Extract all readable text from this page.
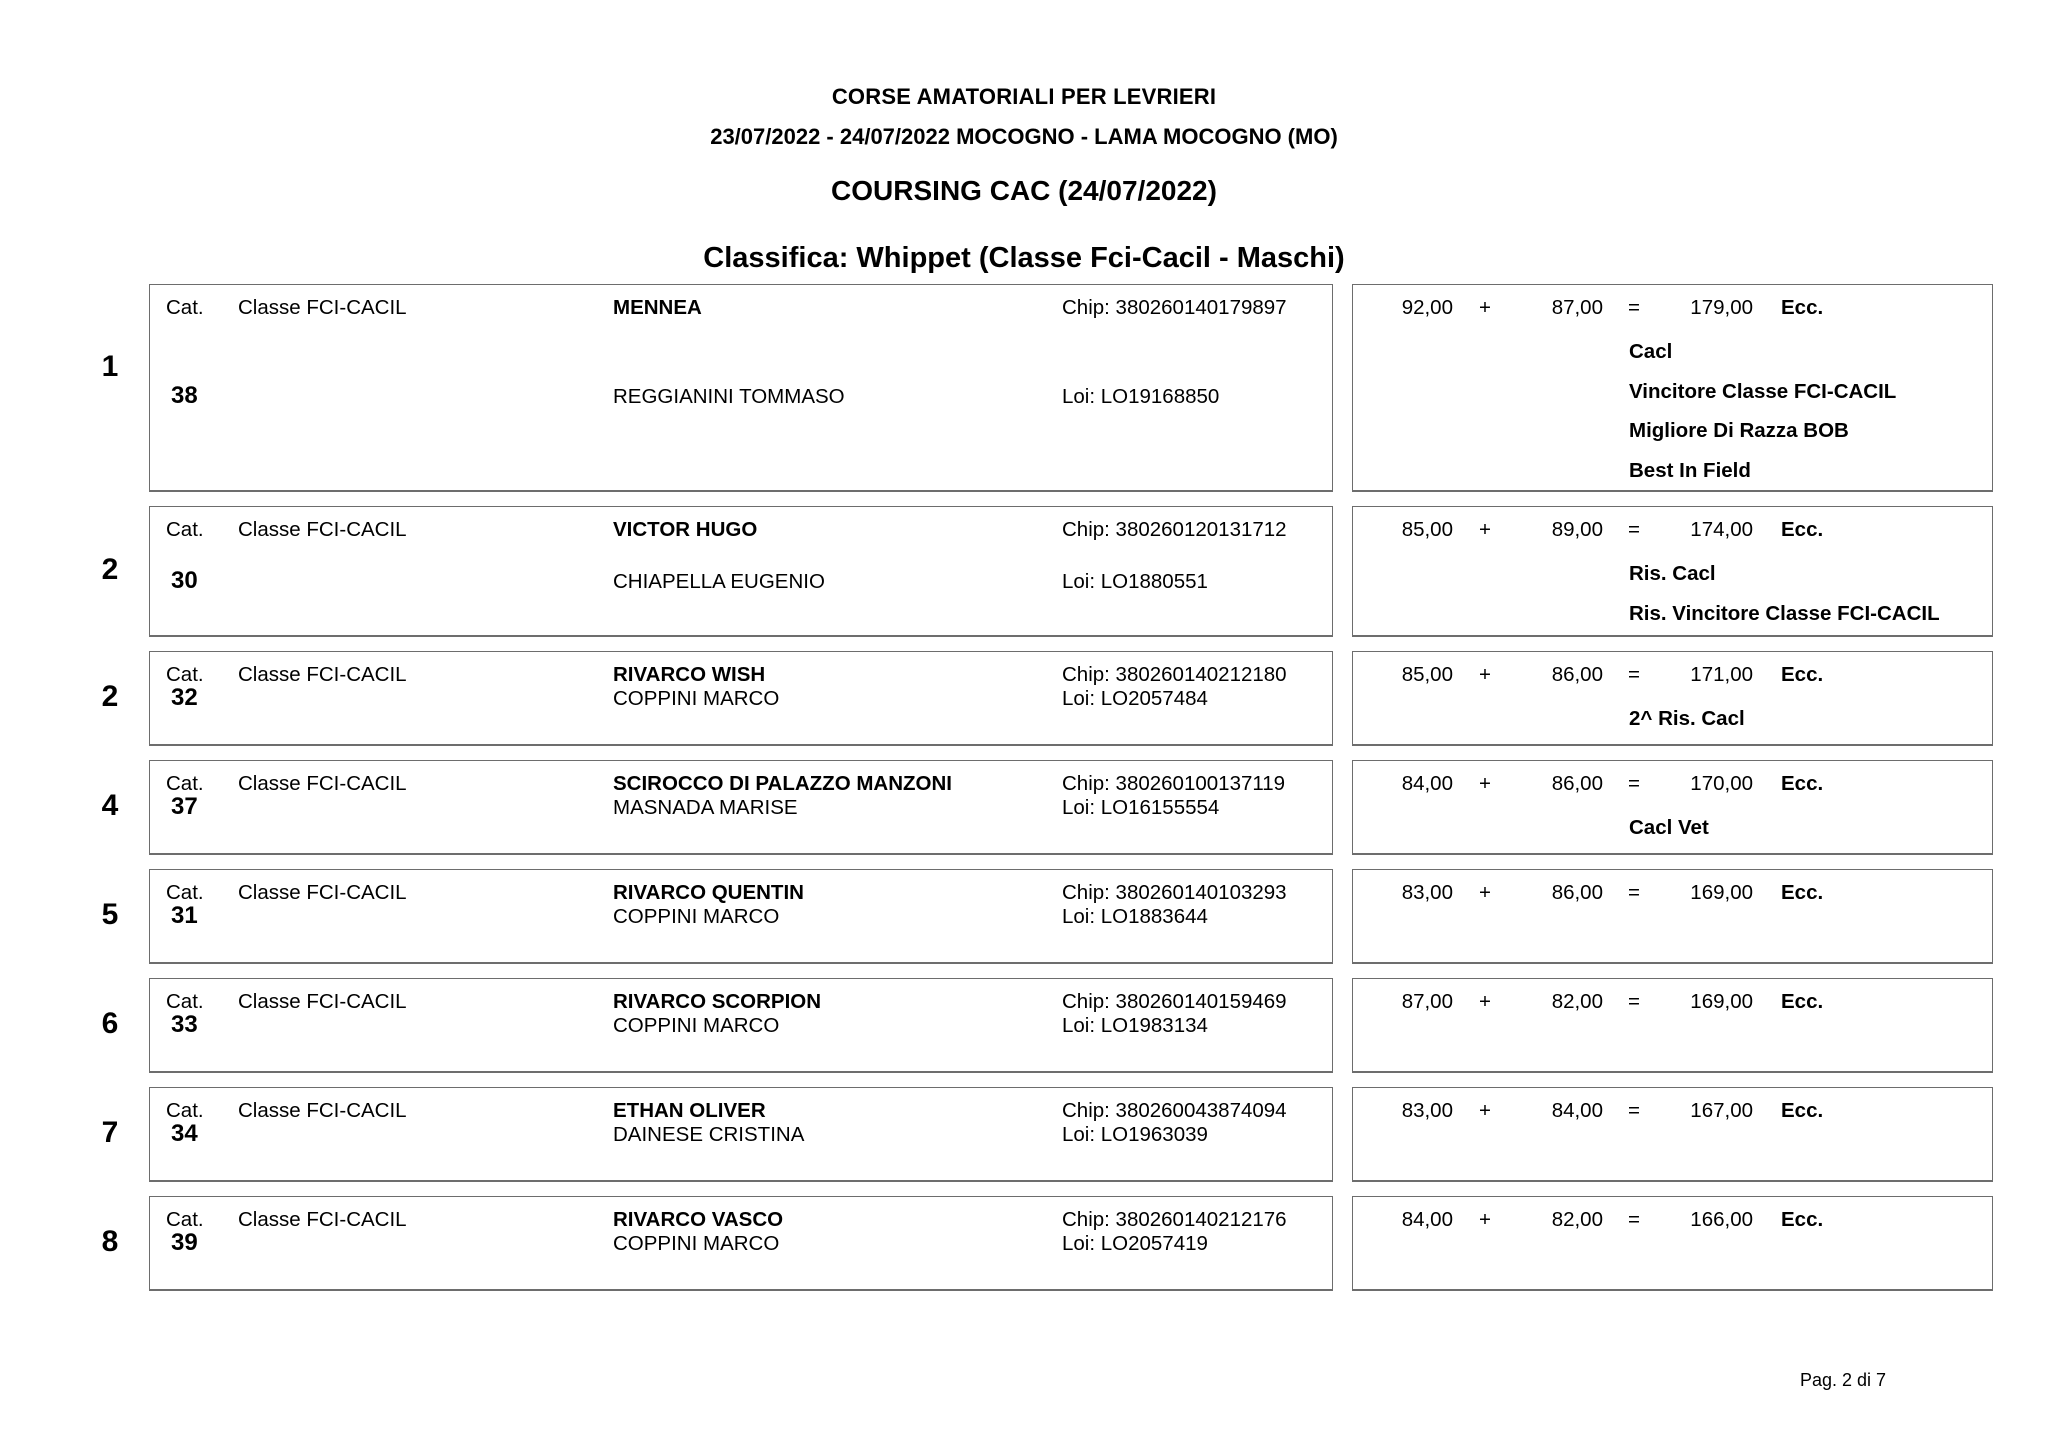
CORSE AMATORIALI PER LEVRIERI
23/07/2022 - 24/07/2022 MOCOGNO - LAMA MOCOGNO (MO)
COURSING CAC (24/07/2022)
Classifica: Whippet (Classe Fci-Cacil - Maschi)
1
Cat. Classe FCI-CACIL	MENNEA	Chip: 380260140179897
38	REGGIANINI TOMMASO	Loi: LO19168850
92,00 +	87,00 =	179,00 Ecc.
Cacl
Vincitore Classe FCI-CACIL
Migliore Di Razza BOB
Best In Field
2
Cat. Classe FCI-CACIL	VICTOR HUGO	Chip: 380260120131712
30	CHIAPELLA EUGENIO	Loi: LO1880551
85,00 +	89,00 =	174,00 Ecc.
Ris. Cacl
Ris. Vincitore Classe FCI-CACIL
2
Cat. Classe FCI-CACIL	RIVARCO WISH	Chip: 380260140212180
32	COPPINI MARCO	Loi: LO2057484
85,00 +	86,00 =	171,00 Ecc.
2^ Ris. Cacl
4
Cat. Classe FCI-CACIL	SCIROCCO DI PALAZZO MANZONI	Chip: 380260100137119
37	MASNADA MARISE	Loi: LO16155554
84,00 +	86,00 =	170,00 Ecc.
Cacl Vet
5
Cat. Classe FCI-CACIL	RIVARCO QUENTIN	Chip: 380260140103293
31	COPPINI MARCO	Loi: LO1883644
83,00 +	86,00 =	169,00 Ecc.
6
Cat. Classe FCI-CACIL	RIVARCO SCORPION	Chip: 380260140159469
33	COPPINI MARCO	Loi: LO1983134
87,00 +	82,00 =	169,00 Ecc.
7
Cat. Classe FCI-CACIL	ETHAN OLIVER	Chip: 380260043874094
34	DAINESE CRISTINA	Loi: LO1963039
83,00 +	84,00 =	167,00 Ecc.
8
Cat. Classe FCI-CACIL	RIVARCO VASCO	Chip: 380260140212176
39	COPPINI MARCO	Loi: LO2057419
84,00 +	82,00 =	166,00 Ecc.
Pag. 2 di 7
